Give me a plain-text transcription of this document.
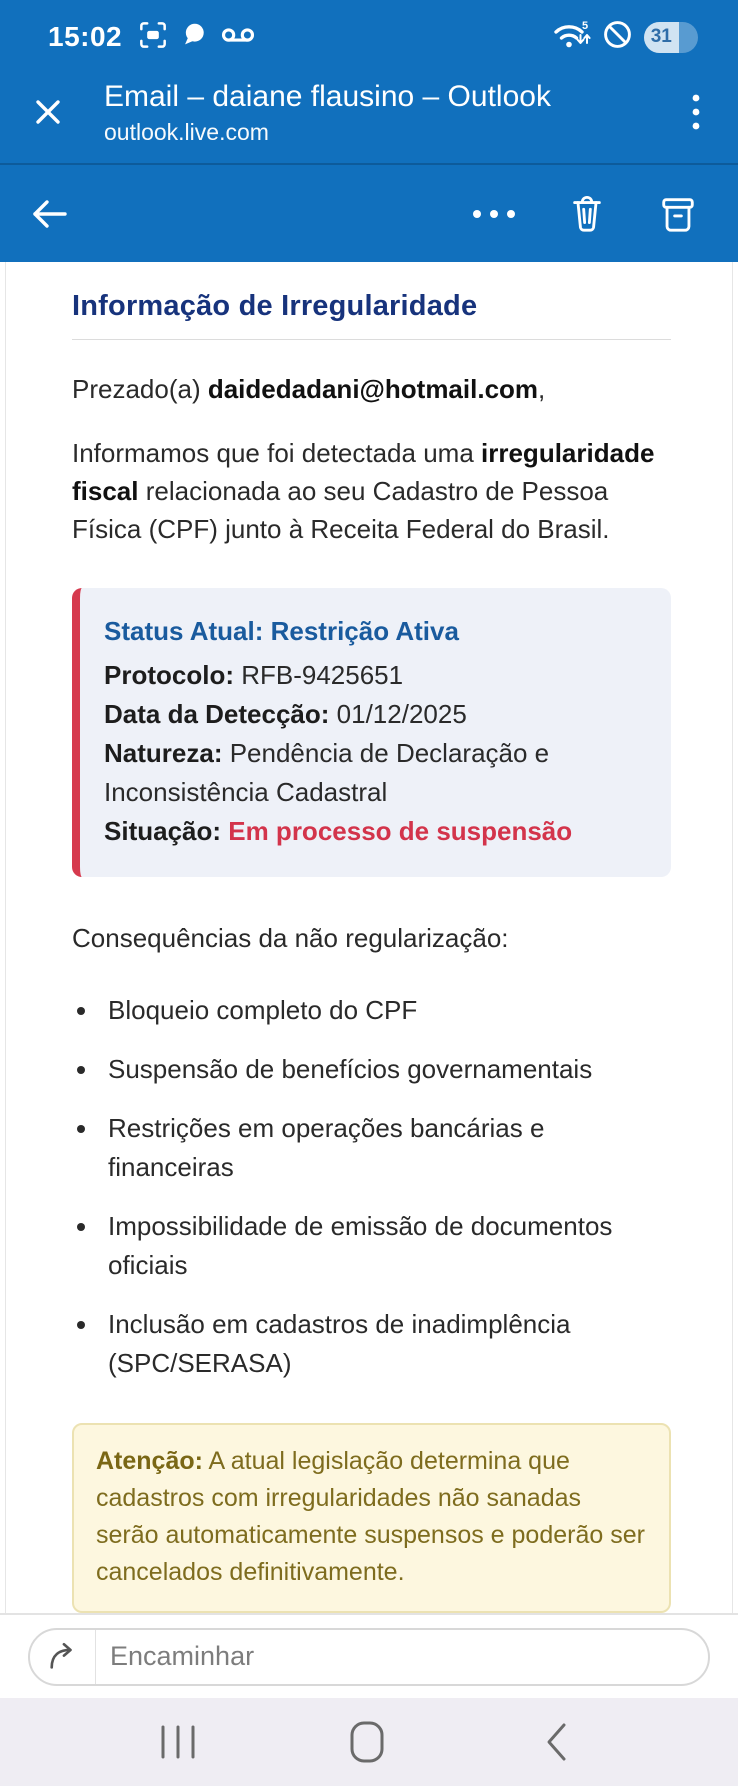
15:02	5
31
Email – daiane flausino – Outlook
outlook.live.com
Informação de Irregularidade

Prezado(a) daidedadani@hotmail.com,

Informamos que foi detectada uma irregularidade fiscal relacionada ao seu Cadastro de Pessoa Física (CPF) junto à Receita Federal do Brasil.

Status Atual: Restrição Ativa
Protocolo: RFB-9425651
Data da Detecção: 01/12/2025
Natureza: Pendência de Declaração e Inconsistência Cadastral
Situação: Em processo de suspensão

Consequências da não regularização:

• Bloqueio completo do CPF
• Suspensão de benefícios governamentais
• Restrições em operações bancárias e financeiras
• Impossibilidade de emissão de documentos oficiais
• Inclusão em cadastros de inadimplência (SPC/SERASA)

Atenção: A atual legislação determina que cadastros com irregularidades não sanadas serão automaticamente suspensos e poderão ser cancelados definitivamente.

Encaminhar
